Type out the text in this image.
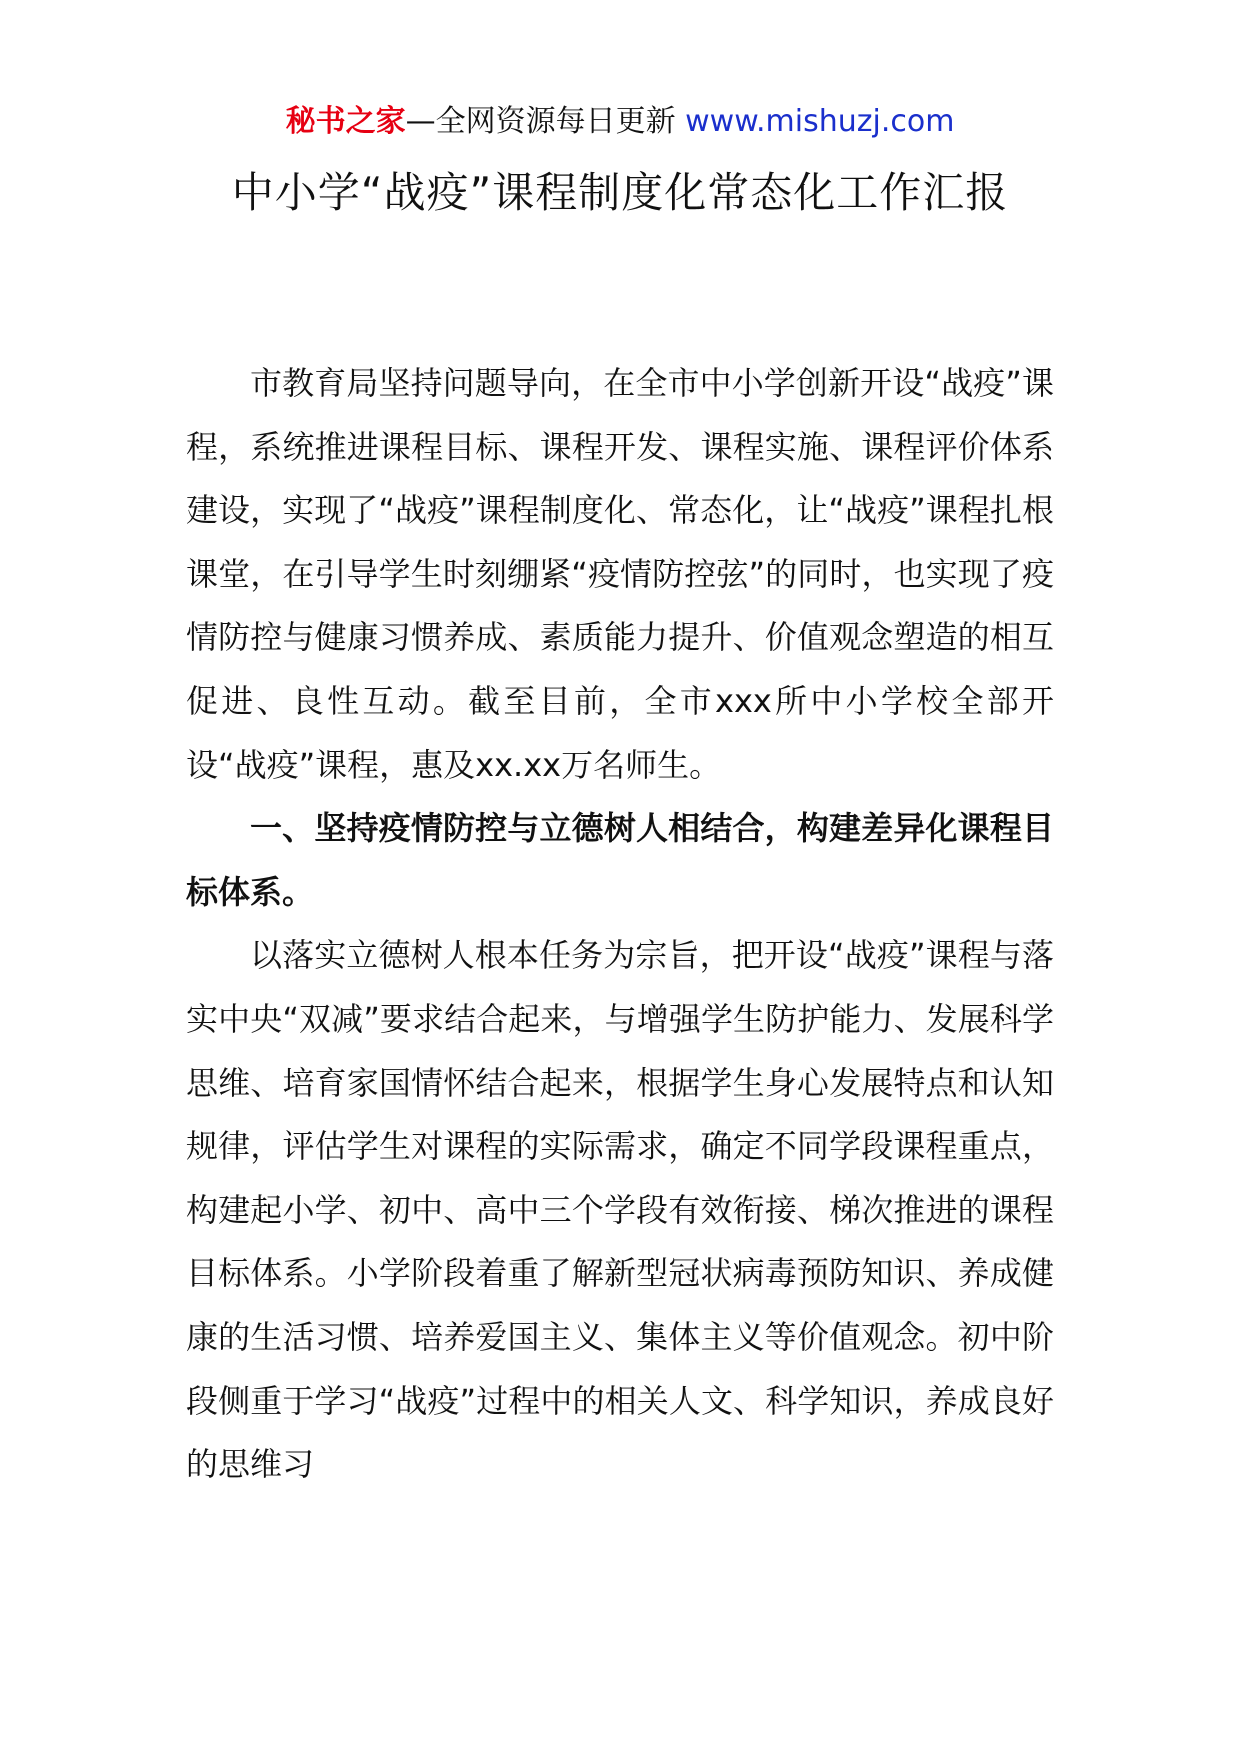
秘书之家—全网资源每日更新 www.mishuzj.com
中小学“战疫”课程制度化常态化工作汇报

市教育局坚持问题导向，在全市中小学创新开设“战疫”课程，系统推进课程目标、课程开发、课程实施、课程评价体系建设，实现了“战疫”课程制度化、常态化，让“战疫”课程扎根课堂，在引导学生时刻绷紧“疫情防控弦”的同时，也实现了疫情防控与健康习惯养成、素质能力提升、价值观念塑造的相互促进、良性互动。截至目前，全市xxx所中小学校全部开设“战疫”课程，惠及xx.xx万名师生。

一、坚持疫情防控与立德树人相结合，构建差异化课程目标体系。

以落实立德树人根本任务为宗旨，把开设“战疫”课程与落实中央“双减”要求结合起来，与增强学生防护能力、发展科学思维、培育家国情怀结合起来，根据学生身心发展特点和认知规律，评估学生对课程的实际需求，确定不同学段课程重点，构建起小学、初中、高中三个学段有效衔接、梯次推进的课程目标体系。小学阶段着重了解新型冠状病毒预防知识、养成健康的生活习惯、培养爱国主义、集体主义等价值观念。初中阶段侧重于学习“战疫”过程中的相关人文、科学知识，养成良好的思维习
